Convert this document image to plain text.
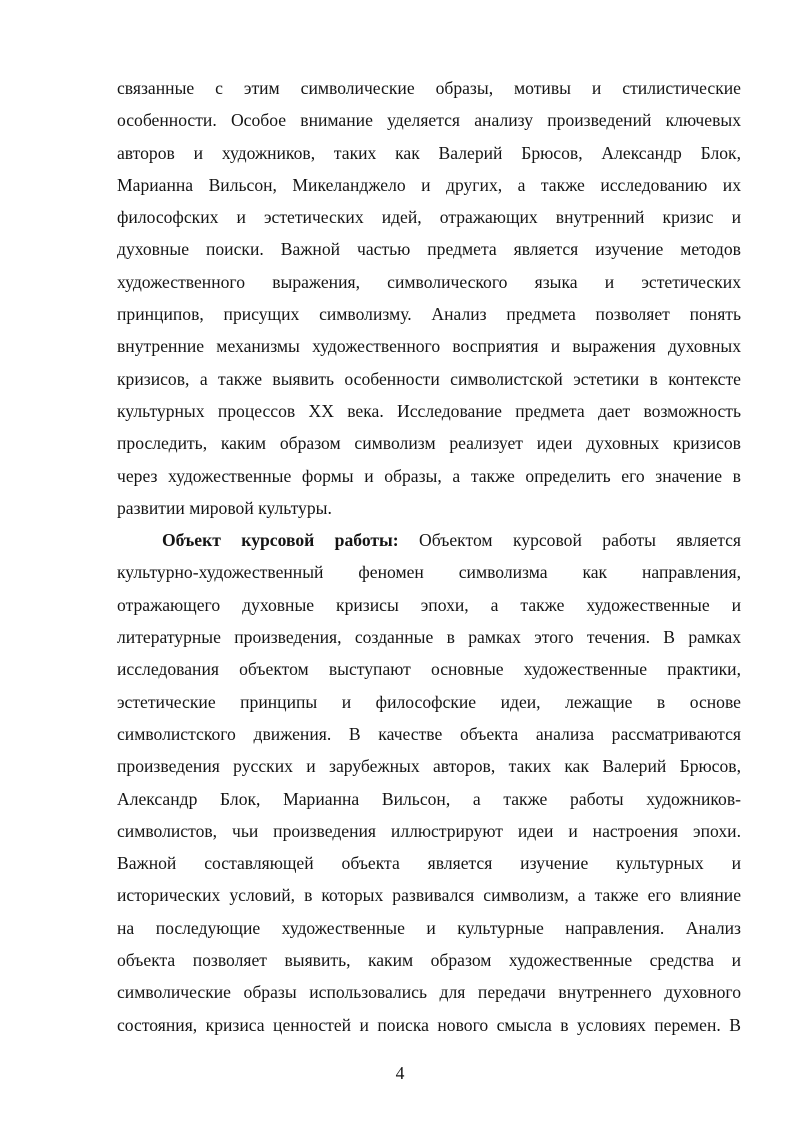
связанные с этим символические образы, мотивы и стилистические
особенности. Особое внимание уделяется анализу произведений ключевых
авторов и художников, таких как Валерий Брюсов, Александр Блок,
Марианна Вильсон, Микеланджело и других, а также исследованию их
философских и эстетических идей, отражающих внутренний кризис и
духовные поиски. Важной частью предмета является изучение методов
художественного выражения, символического языка и эстетических
принципов, присущих символизму. Анализ предмета позволяет понять
внутренние механизмы художественного восприятия и выражения духовных
кризисов, а также выявить особенности символистской эстетики в контексте
культурных процессов XX века. Исследование предмета дает возможность
проследить, каким образом символизм реализует идеи духовных кризисов
через художественные формы и образы, а также определить его значение в
развитии мировой культуры.
Объект курсовой работы: Объектом курсовой работы является
культурно-художественный феномен символизма как направления,
отражающего духовные кризисы эпохи, а также художественные и
литературные произведения, созданные в рамках этого течения. В рамках
исследования объектом выступают основные художественные практики,
эстетические принципы и философские идеи, лежащие в основе
символистского движения. В качестве объекта анализа рассматриваются
произведения русских и зарубежных авторов, таких как Валерий Брюсов,
Александр Блок, Марианна Вильсон, а также работы художников-
символистов, чьи произведения иллюстрируют идеи и настроения эпохи.
Важной составляющей объекта является изучение культурных и
исторических условий, в которых развивался символизм, а также его влияние
на последующие художественные и культурные направления. Анализ
объекта позволяет выявить, каким образом художественные средства и
символические образы использовались для передачи внутреннего духовного
состояния, кризиса ценностей и поиска нового смысла в условиях перемен. В
4
